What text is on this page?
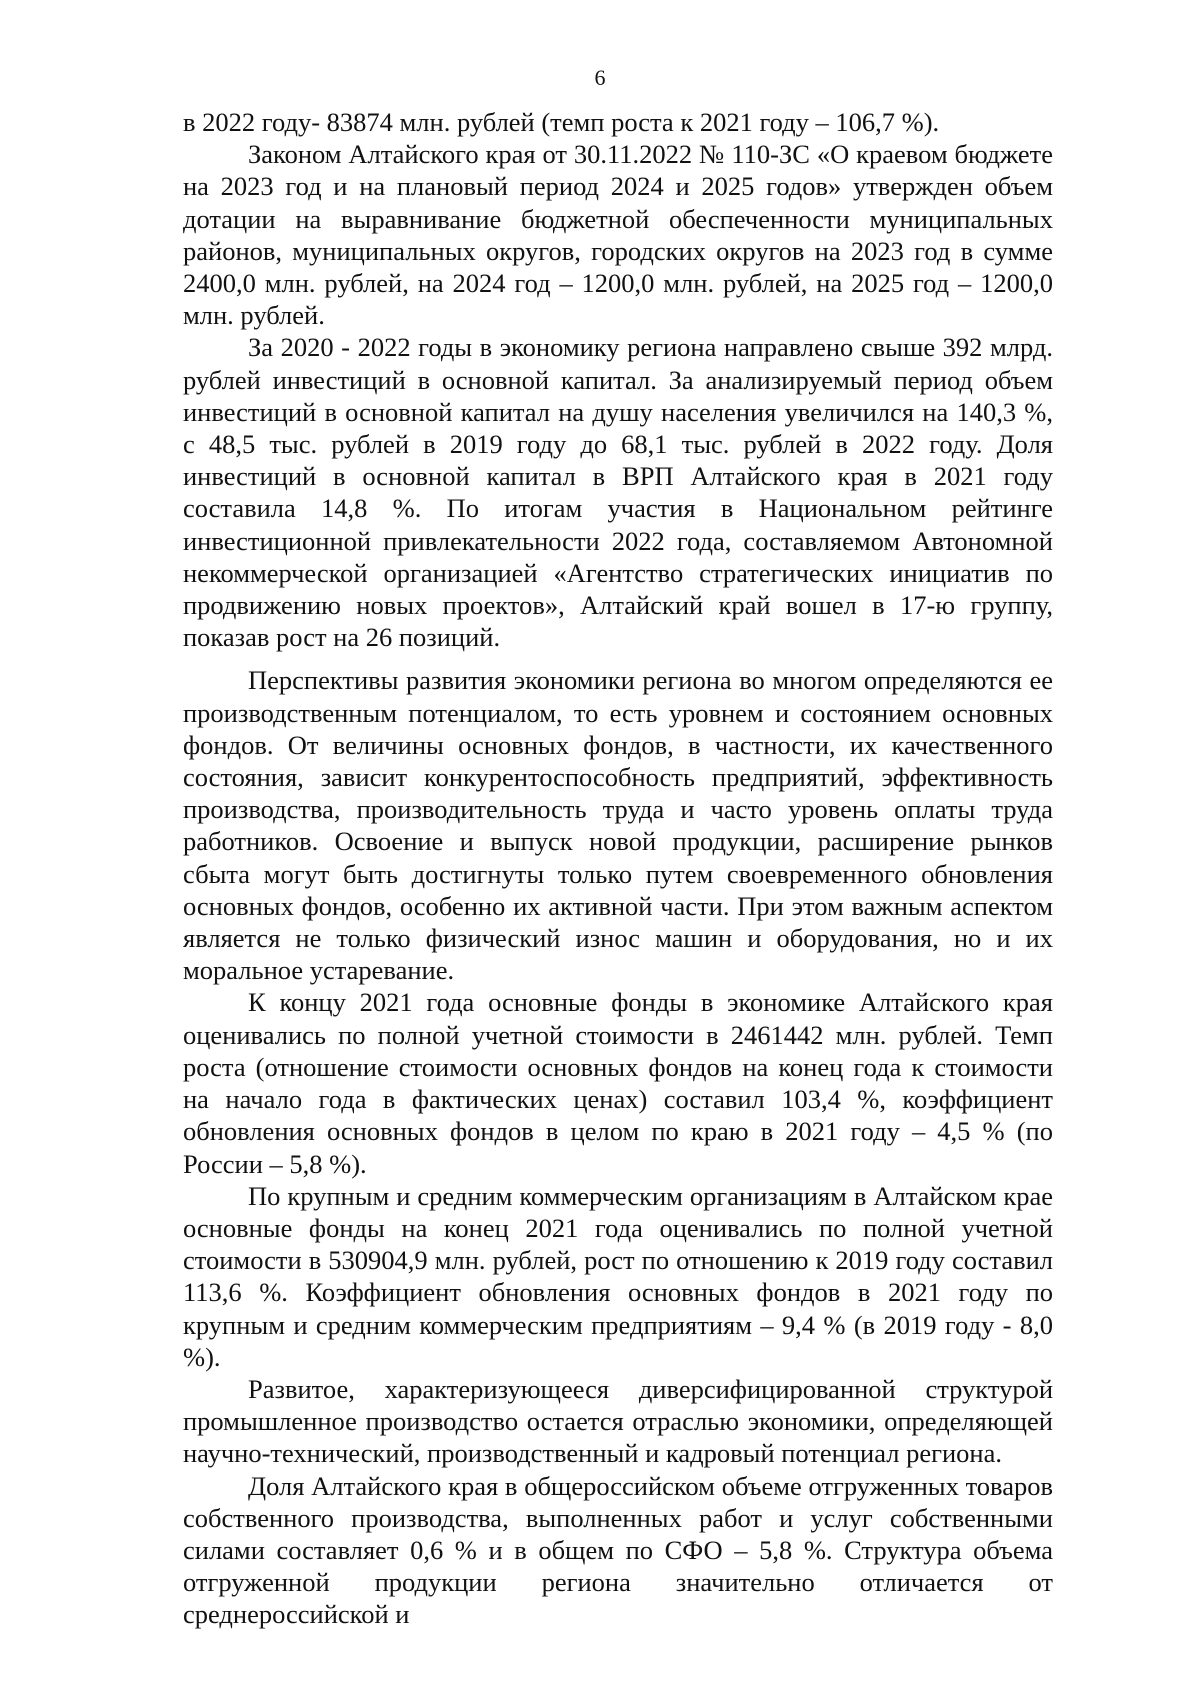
6

в 2022 году- 83874 млн. рублей (темп роста к 2021 году – 106,7 %).

Законом Алтайского края от 30.11.2022 № 110-ЗС «О краевом бюджете на 2023 год и на плановый период 2024 и 2025 годов» утвержден объем дотации на выравнивание бюджетной обеспеченности муниципальных районов, муниципальных округов, городских округов на 2023 год в сумме 2400,0 млн. рублей, на 2024 год – 1200,0 млн. рублей, на 2025 год – 1200,0 млн. рублей.

За 2020 - 2022 годы в экономику региона направлено свыше 392 млрд. рублей инвестиций в основной капитал. За анализируемый период объем инвестиций в основной капитал на душу населения увеличился на 140,3 %, с 48,5 тыс. рублей в 2019 году до 68,1 тыс. рублей в 2022 году. Доля инвестиций в основной капитал в ВРП Алтайского края в 2021 году составила 14,8 %. По итогам участия в Национальном рейтинге инвестиционной привлекательности 2022 года, составляемом Автономной некоммерческой организацией «Агентство стратегических инициатив по продвижению новых проектов», Алтайский край вошел в 17-ю группу, показав рост на 26 позиций.

Перспективы развития экономики региона во многом определяются ее производственным потенциалом, то есть уровнем и состоянием основных фондов. От величины основных фондов, в частности, их качественного состояния, зависит конкурентоспособность предприятий, эффективность производства, производительность труда и часто уровень оплаты труда работников. Освоение и выпуск новой продукции, расширение рынков сбыта могут быть достигнуты только путем своевременного обновления основных фондов, особенно их активной части. При этом важным аспектом является не только физический износ машин и оборудования, но и их моральное устаревание.

К концу 2021 года основные фонды в экономике Алтайского края оценивались по полной учетной стоимости в 2461442 млн. рублей. Темп роста (отношение стоимости основных фондов на конец года к стоимости на начало года в фактических ценах) составил 103,4 %, коэффициент обновления основных фондов в целом по краю в 2021 году – 4,5 % (по России – 5,8 %).

По крупным и средним коммерческим организациям в Алтайском крае основные фонды на конец 2021 года оценивались по полной учетной стоимости в 530904,9 млн. рублей, рост по отношению к 2019 году составил 113,6 %. Коэффициент обновления основных фондов в 2021 году по крупным и средним коммерческим предприятиям – 9,4 % (в 2019 году - 8,0 %).

Развитое, характеризующееся диверсифицированной структурой промышленное производство остается отраслью экономики, определяющей научно-технический, производственный и кадровый потенциал региона.

Доля Алтайского края в общероссийском объеме отгруженных товаров собственного производства, выполненных работ и услуг собственными силами составляет 0,6 % и в общем по СФО – 5,8 %. Структура объема отгруженной продукции региона значительно отличается от среднероссийской и
